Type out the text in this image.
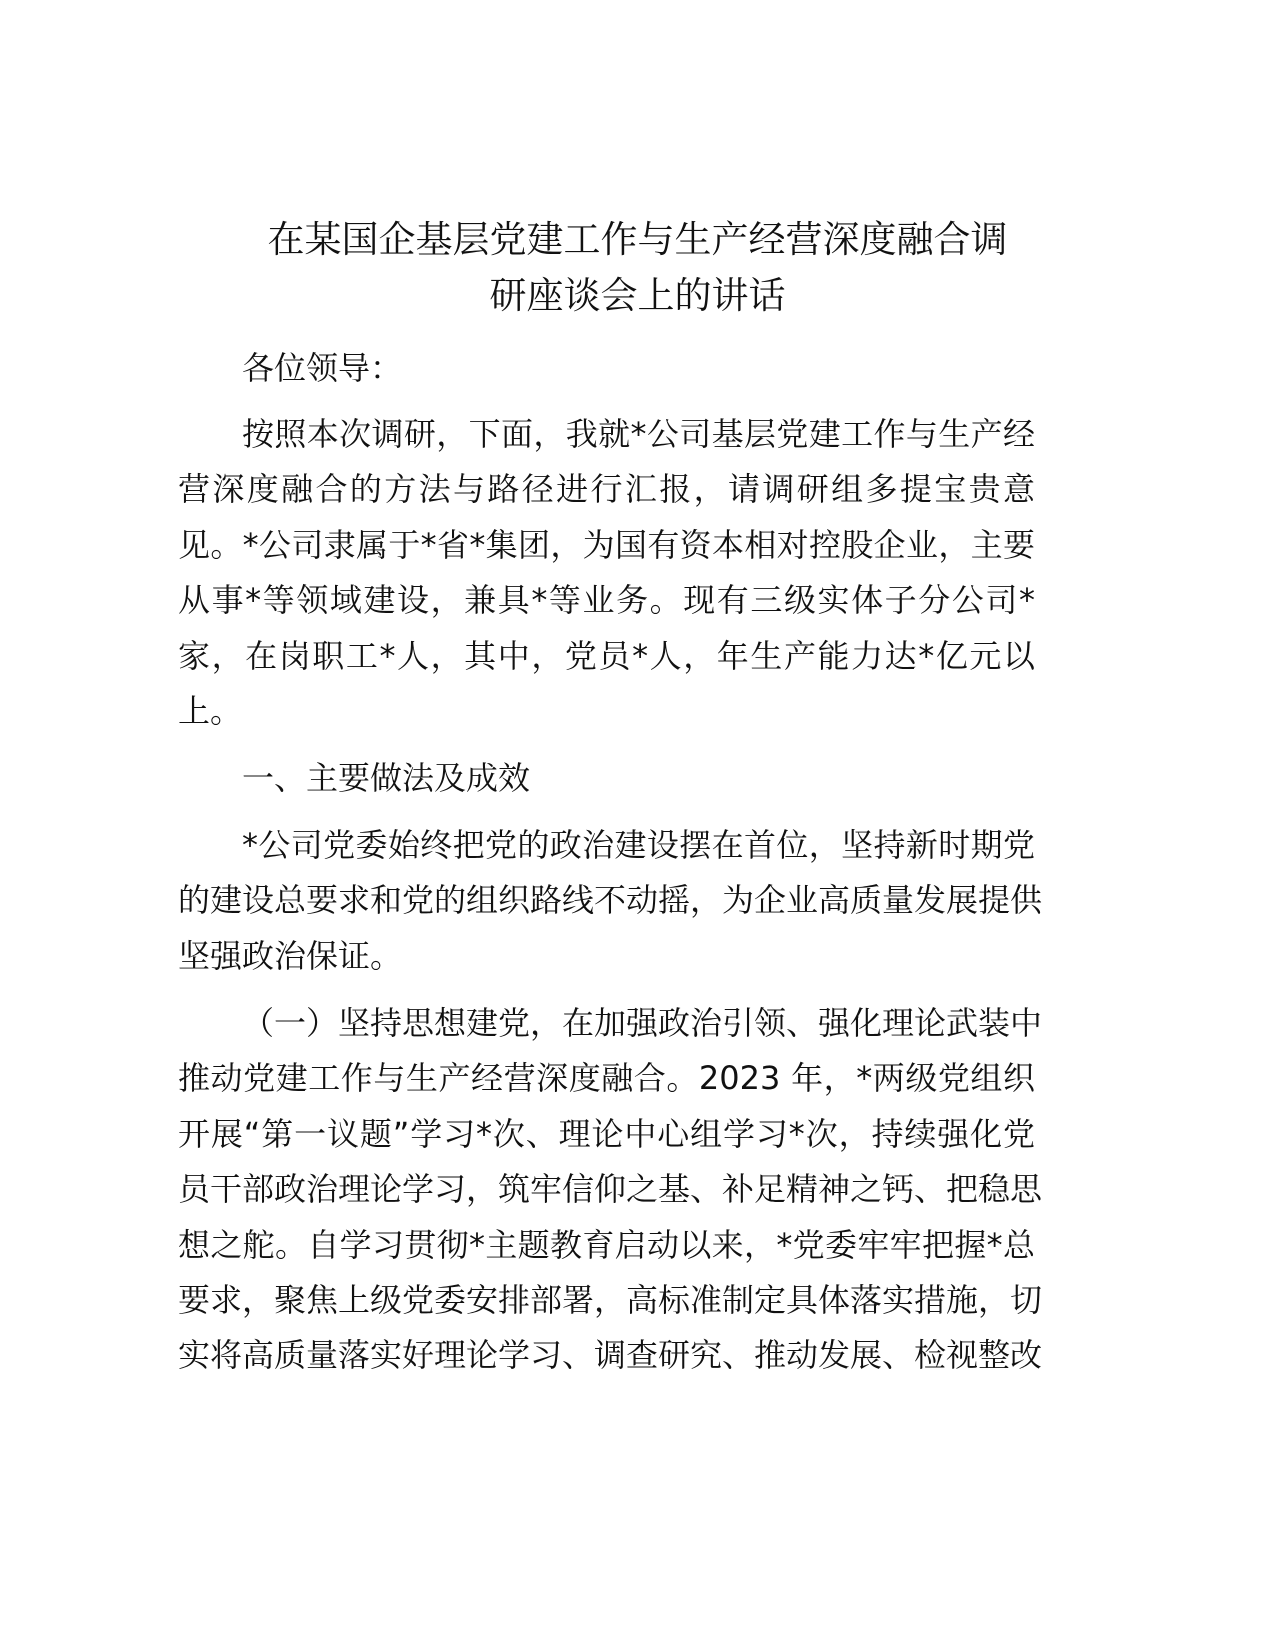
在某国企基层党建工作与生产经营深度融合调
研座谈会上的讲话
各位领导：
按照本次调研，下面，我就*公司基层党建工作与生产经
营深度融合的方法与路径进行汇报，请调研组多提宝贵意
见。*公司隶属于*省*集团，为国有资本相对控股企业，主要
从事*等领域建设，兼具*等业务。现有三级实体子分公司*
家，在岗职工*人，其中，党员*人，年生产能力达*亿元以
上。
一、主要做法及成效
*公司党委始终把党的政治建设摆在首位，坚持新时期党
的建设总要求和党的组织路线不动摇，为企业高质量发展提供
坚强政治保证。
（一）坚持思想建党，在加强政治引领、强化理论武装中
推动党建工作与生产经营深度融合。2023 年，*两级党组织
开展“第一议题”学习*次、理论中心组学习*次，持续强化党
员干部政治理论学习，筑牢信仰之基、补足精神之钙、把稳思
想之舵。自学习贯彻*主题教育启动以来，*党委牢牢把握*总
要求，聚焦上级党委安排部署，高标准制定具体落实措施，切
实将高质量落实好理论学习、调查研究、推动发展、检视整改
